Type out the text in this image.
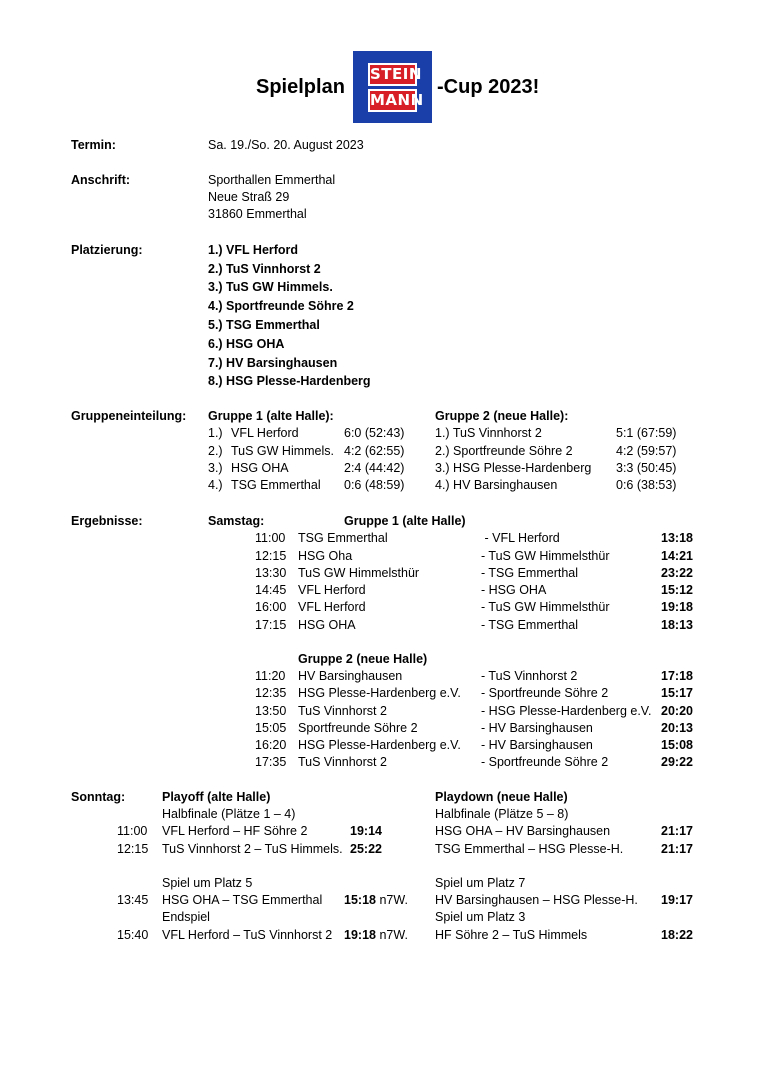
Spielplan
STEIN
MANN
-Cup 2023!
Termin:	Sa. 19./So. 20. August 2023
Anschrift:	Sporthallen Emmerthal
Neue Straß 29
31860 Emmerthal
Platzierung:	1.) VFL Herford
2.) TuS Vinnhorst 2
3.) TuS GW Himmels.
4.) Sportfreunde Söhre 2
5.) TSG Emmerthal
6.) HSG OHA
7.) HV Barsinghausen
8.) HSG Plesse-Hardenberg
Gruppeneinteilung: Gruppe 1 (alte Halle):	Gruppe 2 (neue Halle):
1.) VFL Herford	6:0 (52:43)
2.) TuS GW Himmels. 4:2 (62:55)
3.) HSG OHA	2:4 (44:42)
4.) TSG Emmerthal 0:6 (48:59)
1.) TuS Vinnhorst 2	5:1 (67:59)
2.) Sportfreunde Söhre 2	4:2 (59:57)
3.) HSG Plesse-Hardenberg 3:3 (50:45)
4.) HV Barsinghausen	0:6 (38:53)
Ergebnisse:	Samstag:	Gruppe 1 (alte Halle)
11:00 TSG Emmerthal	- VFL Herford	13:18
12:15 HSG Oha	- TuS GW Himmelsthür	14:21
13:30 TuS GW Himmelsthür	- TSG Emmerthal	23:22
14:45 VFL Herford	- HSG OHA	15:12
16:00 VFL Herford	- TuS GW Himmelsthür	19:18
17:15 HSG OHA	- TSG Emmerthal	18:13
Gruppe 2 (neue Halle)
11:20 HV Barsinghausen	- TuS Vinnhorst 2	17:18
12:35 HSG Plesse-Hardenberg e.V. - Sportfreunde Söhre 2	15:17
13:50 TuS Vinnhorst 2	- HSG Plesse-Hardenberg e.V. 20:20
15:05 Sportfreunde Söhre 2	- HV Barsinghausen	20:13
16:20 HSG Plesse-Hardenberg e.V. - HV Barsinghausen	15:08
17:35 TuS Vinnhorst 2	- Sportfreunde Söhre 2	29:22
Sonntag:	Playoff (alte Halle)	Playdown (neue Halle)
Halbfinale (Plätze 1 – 4)	Halbfinale (Plätze 5 – 8)
11:00 VFL Herford – HF Söhre 2	19:14	HSG OHA – HV Barsinghausen	21:17
12:15 TuS Vinnhorst 2 – TuS Himmels. 25:22	TSG Emmerthal – HSG Plesse-H.	21:17
Spiel um Platz 5	Spiel um Platz 7
13:45 HSG OHA – TSG Emmerthal 15:18 n7W. HV Barsinghausen – HSG Plesse-H. 19:17
Endspiel	Spiel um Platz 3
15:40 VFL Herford – TuS Vinnhorst 2 19:18 n7W. HF Söhre 2 – TuS Himmels	18:22
